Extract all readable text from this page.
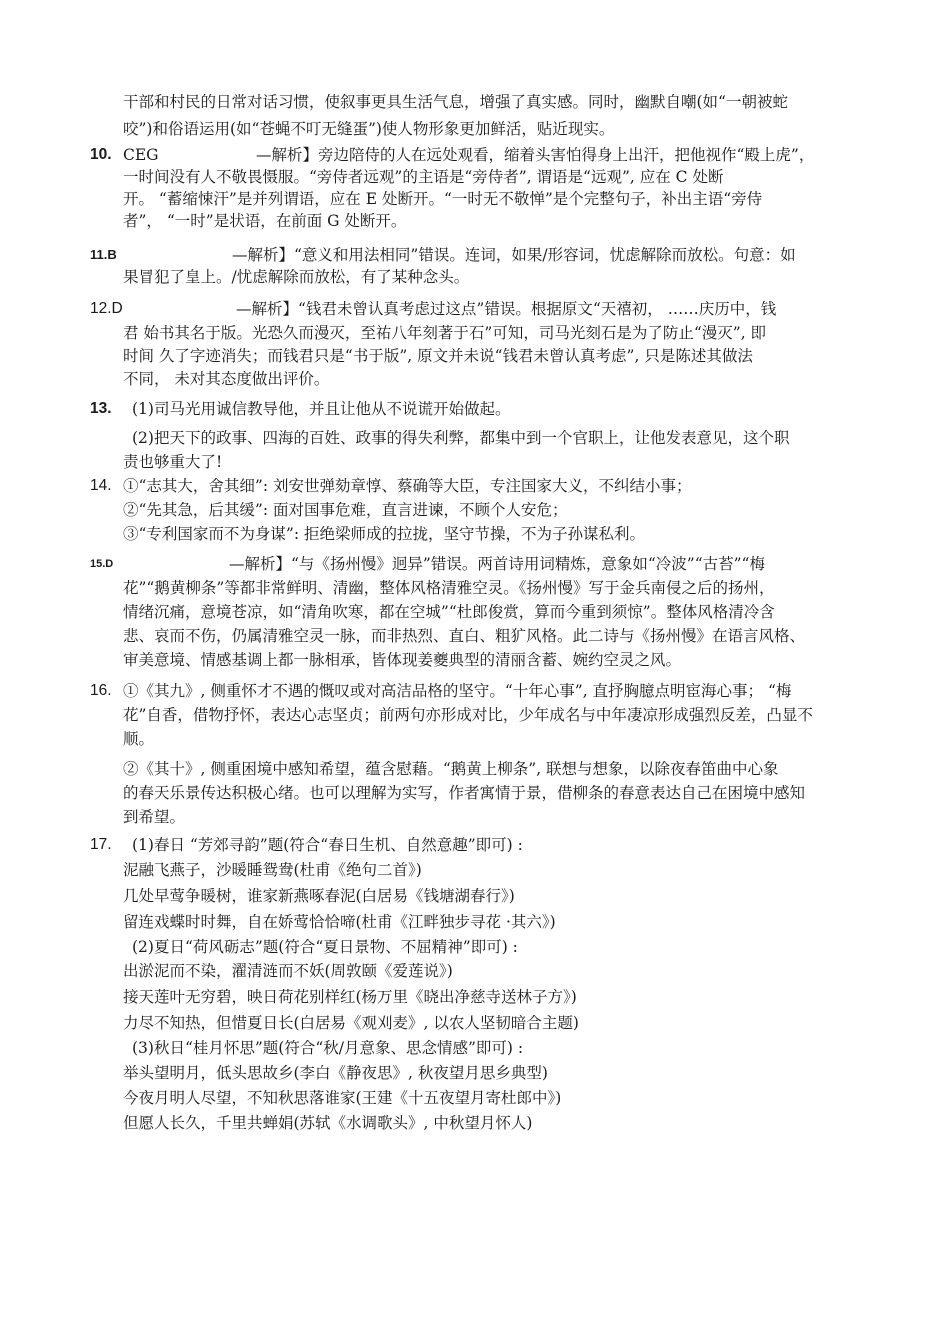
干部和村民的日常对话习惯，使叙事更具生活气息，增强了真实感。同时，幽默自嘲(如“一朝被蛇
咬”)和俗语运用(如“苍蝇不叮无缝蛋”)使人物形象更加鲜活，贴近现实。
10. CEG	—解析】旁边陪侍的人在远处观看，缩着头害怕得身上出汗，把他视作“殿上虎”，
一时间没有人不敬畏慑服。“旁侍者远观”的主语是“旁侍者”, 谓语是“远观”, 应在 C 处断
开。 “蓄缩悚汗”是并列谓语，应在 E 处断开。“一时无不敬惮”是个完整句子，补出主语“旁侍
者”， “一时”是状语，在前面 G 处断开。
11.B	—解析】“意义和用法相同”错误。连词，如果/形容词，忧虑解除而放松。句意：如
果冒犯了皇上。/忧虑解除而放松，有了某种念头。
12.D	—解析】“钱君未曾认真考虑过这点”错误。根据原文“天禧初， ……庆历中，钱
君 始书其名于版。光恐久而漫灭，至祐八年刻著于石”可知，司马光刻石是为了防止“漫灭”, 即
时间 久了字迹消失；而钱君只是“书于版”, 原文并未说“钱君未曾认真考虑”, 只是陈述其做法
不同， 未对其态度做出评价。
13. (1)司马光用诚信教导他，并且让他从不说谎开始做起。
(2)把天下的政事、四海的百姓、政事的得失利弊，都集中到一个官职上，让他发表意见，这个职
责也够重大了!
14. ①“志其大，舍其细”: 刘安世弹劾章惇、蔡确等大臣，专注国家大义，不纠结小事；
②“先其急，后其缓”: 面对国事危难，直言进谏，不顾个人安危；
③“专利国家而不为身谋”: 拒绝梁师成的拉拢，坚守节操，不为子孙谋私利。
15.D	—解析】“与《扬州慢》迥异”错误。两首诗用词精炼，意象如“冷波”“古苔”“梅
花”“鹅黄柳条”等都非常鲜明、清幽，整体风格清雅空灵。《扬州慢》写于金兵南侵之后的扬州，
情绪沉痛，意境苍凉，如“清角吹寒，都在空城”“杜郎俊赏，算而今重到须惊”。整体风格清冷含
悲、哀而不伤，仍属清雅空灵一脉，而非热烈、直白、粗犷风格。此二诗与《扬州慢》在语言风格、
审美意境、情感基调上都一脉相承，皆体现姜夔典型的清丽含蓄、婉约空灵之风。
16. ①《其九》, 侧重怀才不遇的慨叹或对高洁品格的坚守。“十年心事”, 直抒胸臆点明宦海心事； “梅
花”自香，借物抒怀，表达心志坚贞；前两句亦形成对比，少年成名与中年凄凉形成强烈反差，凸显不
顺。
②《其十》, 侧重困境中感知希望，蕴含慰藉。“鹅黄上柳条”, 联想与想象，以除夜春笛曲中心象
的春天乐景传达积极心绪。也可以理解为实写，作者寓情于景，借柳条的春意表达自己在困境中感知
到希望。
17. (1)春日 “芳郊寻韵”题(符合“春日生机、自然意趣”即可) :
泥融飞燕子，沙暖睡鸳鸯(杜甫《绝句二首》)
几处早莺争暖树，谁家新燕啄春泥(白居易《钱塘湖春行》)
留连戏蝶时时舞，自在娇莺恰恰啼(杜甫《江畔独步寻花 ·其六》)
(2)夏日“荷风砺志”题(符合“夏日景物、不屈精神”即可) :
出淤泥而不染，濯清涟而不妖(周敦颐《爱莲说》)
接天莲叶无穷碧，映日荷花别样红(杨万里《晓出净慈寺送林子方》)
力尽不知热，但惜夏日长(白居易《观刈麦》, 以农人坚韧暗合主题)
(3)秋日“桂月怀思”题(符合“秋/月意象、思念情感”即可) :
举头望明月，低头思故乡(李白《静夜思》, 秋夜望月思乡典型)
今夜月明人尽望，不知秋思落谁家(王建《十五夜望月寄杜郎中》)
但愿人长久，千里共蝉娟(苏轼《水调歌头》, 中秋望月怀人)
